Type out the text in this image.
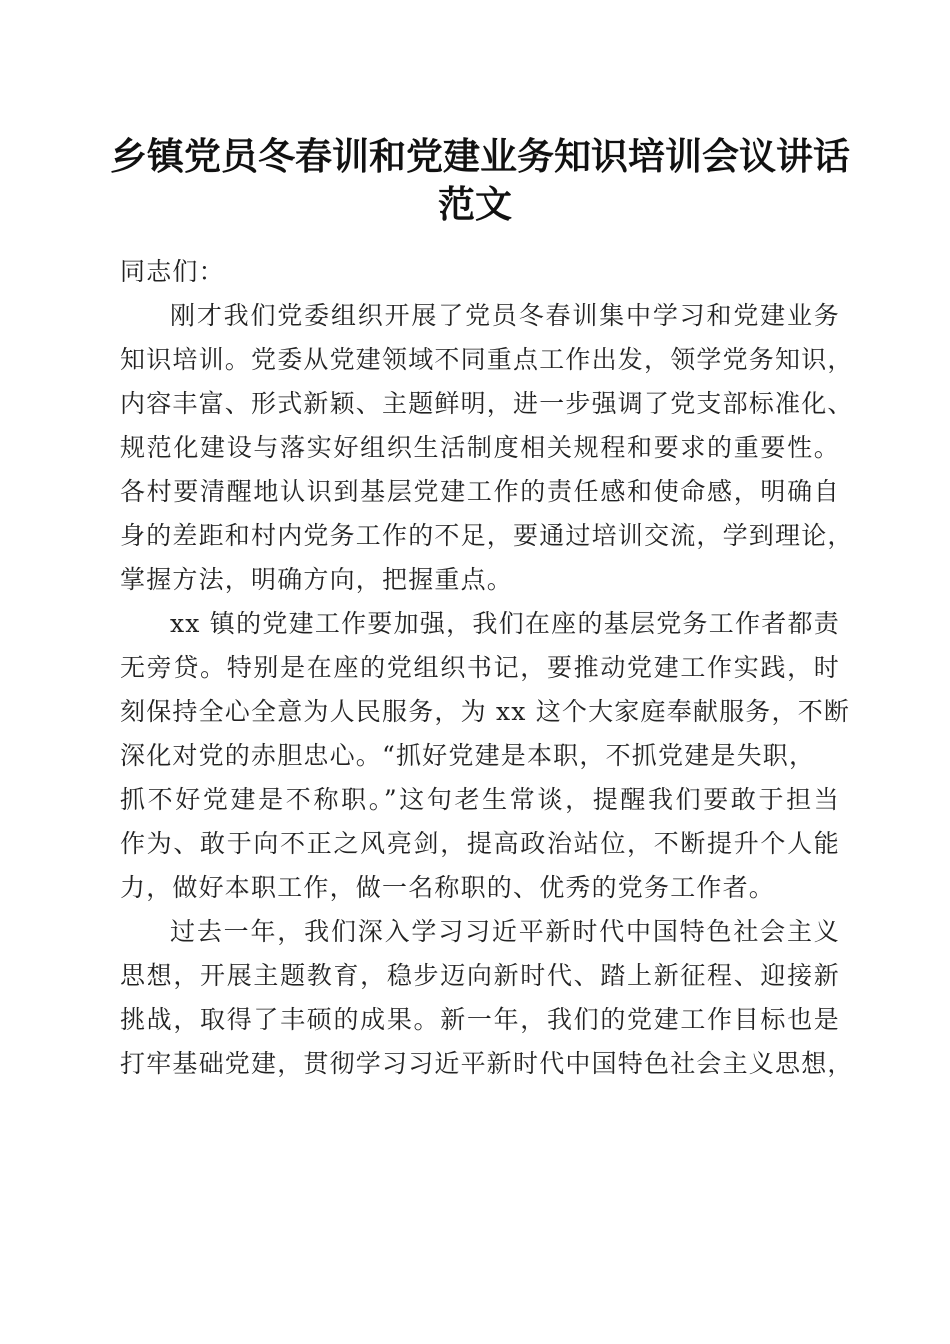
乡镇党员冬春训和党建业务知识培训会议讲话
范文
同志们：
刚才我们党委组织开展了党员冬春训集中学习和党建业务
知识培训。党委从党建领域不同重点工作出发，领学党务知识，
内容丰富、形式新颖、主题鲜明，进一步强调了党支部标准化、
规范化建设与落实好组织生活制度相关规程和要求的重要性。
各村要清醒地认识到基层党建工作的责任感和使命感，明确自
身的差距和村内党务工作的不足，要通过培训交流，学到理论，
掌握方法，明确方向，把握重点。
xx 镇的党建工作要加强，我们在座的基层党务工作者都责
无旁贷。特别是在座的党组织书记，要推动党建工作实践，时
刻保持全心全意为人民服务，为 xx 这个大家庭奉献服务，不断
深化对党的赤胆忠心。“抓好党建是本职，不抓党建是失职，
抓不好党建是不称职。”这句老生常谈，提醒我们要敢于担当
作为、敢于向不正之风亮剑，提高政治站位，不断提升个人能
力，做好本职工作，做一名称职的、优秀的党务工作者。
过去一年，我们深入学习习近平新时代中国特色社会主义
思想，开展主题教育，稳步迈向新时代、踏上新征程、迎接新
挑战，取得了丰硕的成果。新一年，我们的党建工作目标也是
打牢基础党建，贯彻学习习近平新时代中国特色社会主义思想，
